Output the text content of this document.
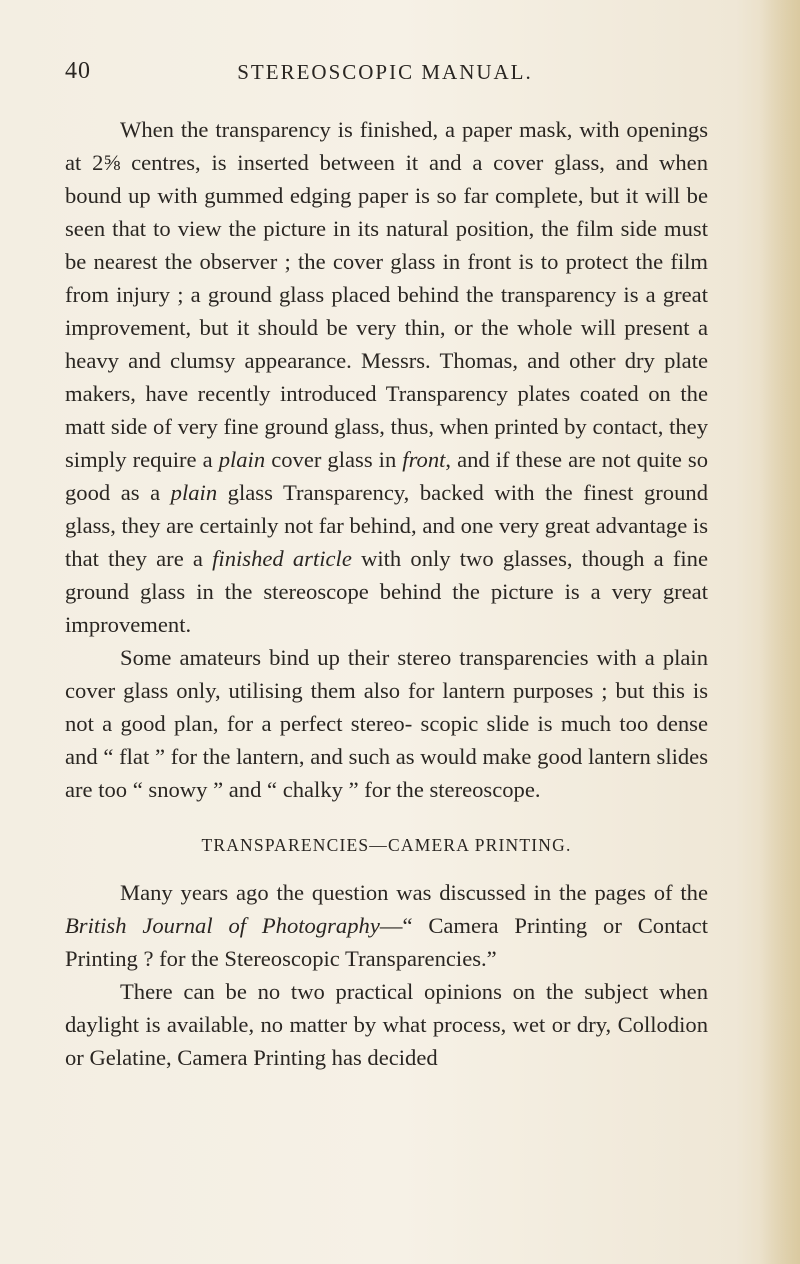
40	STEREOSCOPIC MANUAL.

When the transparency is finished, a paper mask, with openings at 2⅝ centres, is inserted between it and a cover glass, and when bound up with gummed edging paper is so far complete, but it will be seen that to view the picture in its natural position, the film side must be nearest the observer ; the cover glass in front is to protect the film from injury ; a ground glass placed behind the transparency is a great improvement, but it should be very thin, or the whole will present a heavy and clumsy appearance. Messrs. Thomas, and other dry plate makers, have recently introduced Transparency plates coated on the matt side of very fine ground glass, thus, when printed by contact, they simply require a plain cover glass in front, and if these are not quite so good as a plain glass Transparency, backed with the finest ground glass, they are certainly not far behind, and one very great advantage is that they are a finished article with only two glasses, though a fine ground glass in the stereoscope behind the picture is a very great improvement.

Some amateurs bind up their stereo transparencies with a plain cover glass only, utilising them also for lantern purposes ; but this is not a good plan, for a perfect stereo- scopic slide is much too dense and “ flat ” for the lantern, and such as would make good lantern slides are too “ snowy ” and “ chalky ” for the stereoscope.

TRANSPARENCIES—CAMERA PRINTING.

Many years ago the question was discussed in the pages of the British Journal of Photography—“ Camera Printing or Contact Printing ? for the Stereoscopic Transparencies.”

There can be no two practical opinions on the subject when daylight is available, no matter by what process, wet or dry, Collodion or Gelatine, Camera Printing has decided
